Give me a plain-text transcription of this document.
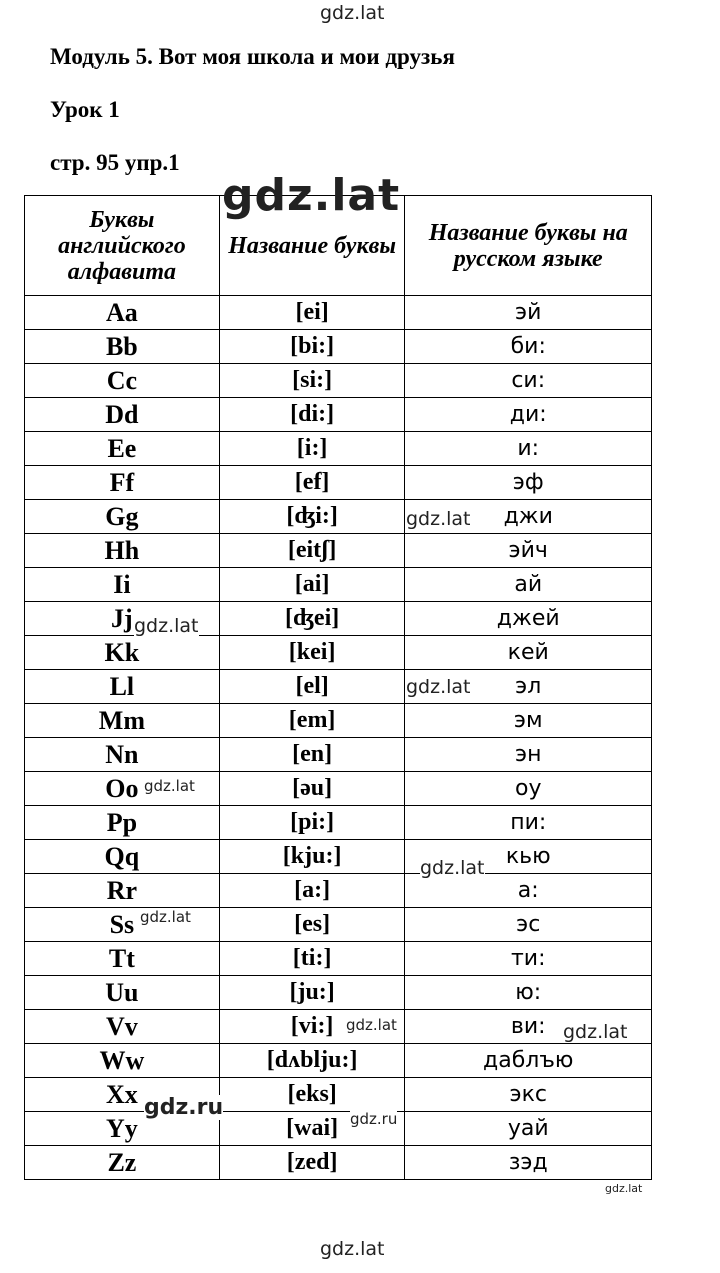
gdz.lat
Модуль 5. Вот моя школа и мои друзья
Урок 1
стр. 95 упр.1
Буквы английского алфавита	Название буквы	Название буквы на русском языке
Aa	[ei]	эй
Bb	[bi:]	би:
Cc	[si:]	си:
Dd	[di:]	ди:
Ee	[i:]	и:
Ff	[ef]	эф
Gg	[ʤi:]	джи
Hh	[eitʃ]	эйч
Ii	[ai]	ай
Jj	[ʤei]	джей
Kk	[kei]	кей
Ll	[el]	эл
Mm	[em]	эм
Nn	[en]	эн
Oo	[əu]	оу
Pp	[pi:]	пи:
Qq	[kju:]	кью
Rr	[a:]	а:
Ss	[es]	эс
Tt	[ti:]	ти:
Uu	[ju:]	ю:
Vv	[vi:]	ви:
Ww	[dʌblju:]	даблъю
Xx	[eks]	экс
Yy	[wai]	уай
Zz	[zed]	зэд
gdz.lat
gdz.lat
gdz.lat
gdz.lat
gdz.lat
gdz.lat
gdz.lat
gdz.lat	gdz.lat
gdz.ru	gdz.ru
gdz.lat
gdz.lat
